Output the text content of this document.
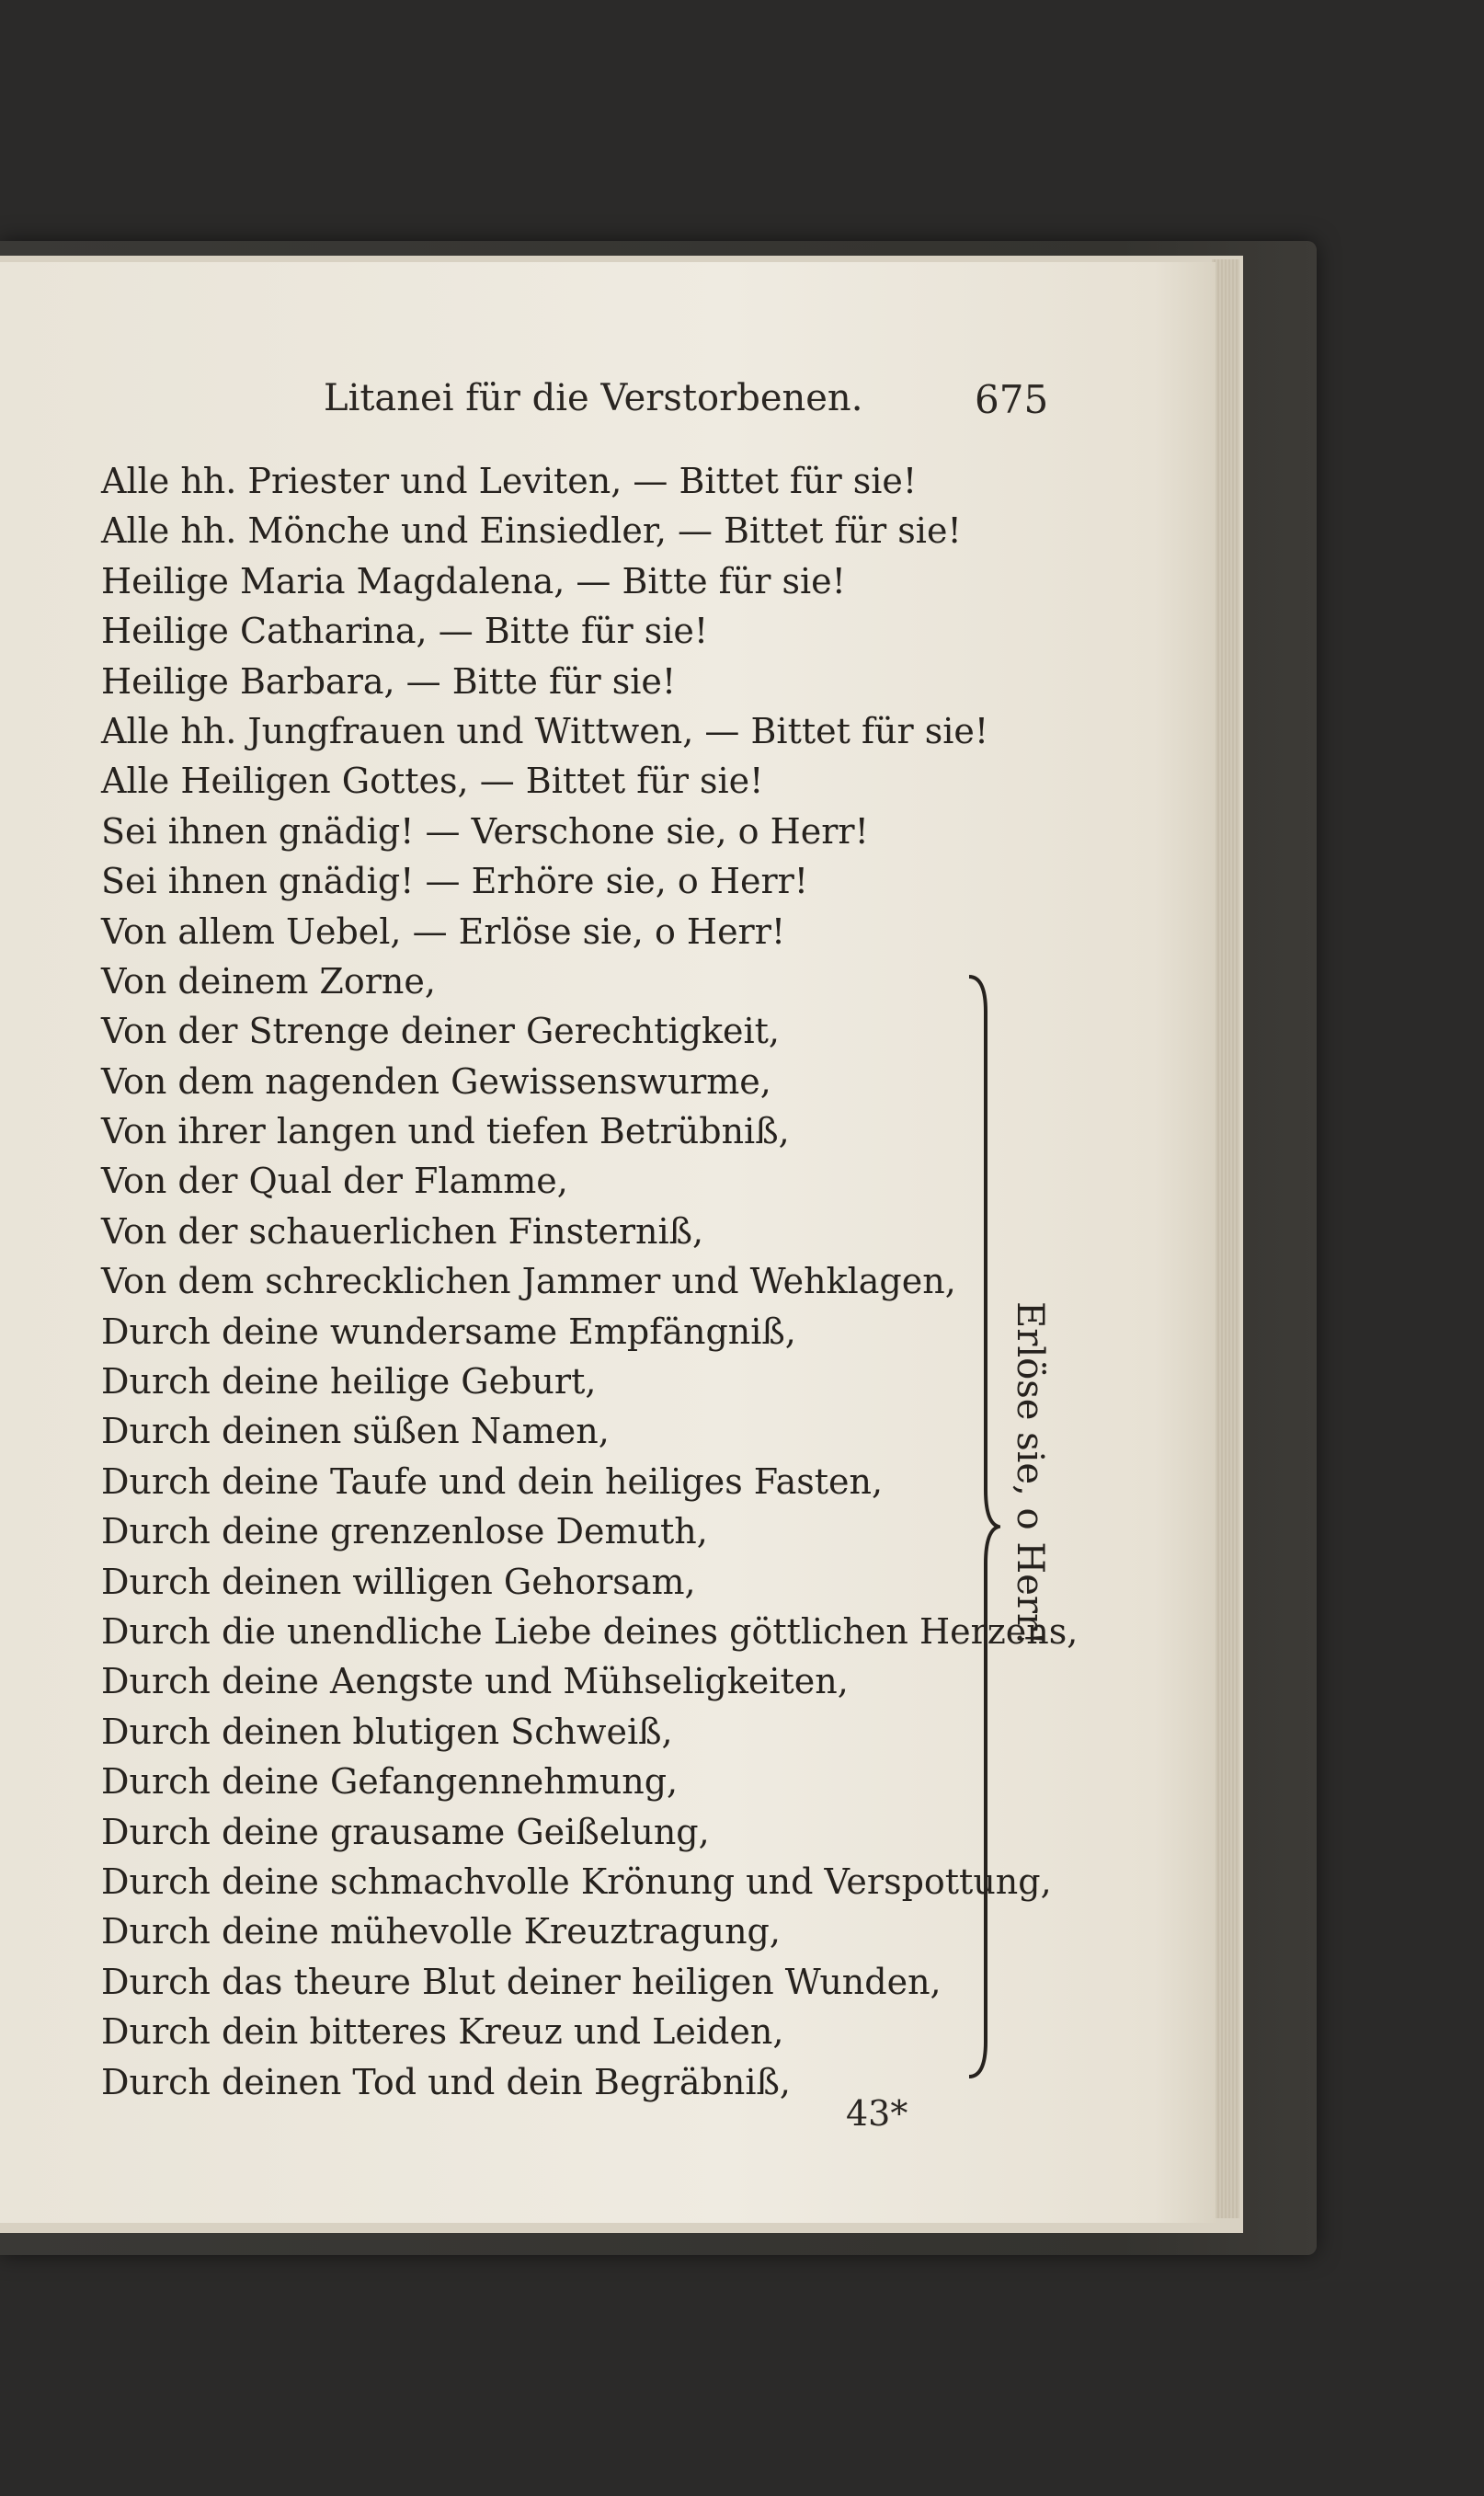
Litanei für die Verstorbenen.	675
Alle hh. Priester und Leviten, — Bittet für sie!
Alle hh. Mönche und Einsiedler, — Bittet für sie!
Heilige Maria Magdalena, — Bitte für sie!
Heilige Catharina, — Bitte für sie!
Heilige Barbara, — Bitte für sie!
Alle hh. Jungfrauen und Wittwen, — Bittet für sie!
Alle Heiligen Gottes, — Bittet für sie!
Sei ihnen gnädig! — Verschone sie, o Herr!
Sei ihnen gnädig! — Erhöre sie, o Herr!
Von allem Uebel, — Erlöse sie, o Herr!
Von deinem Zorne,
Von der Strenge deiner Gerechtigkeit,
Von dem nagenden Gewissenswurme,
Von ihrer langen und tiefen Betrübniß,
Von der Qual der Flamme,
Von der schauerlichen Finsterniß,
Von dem schrecklichen Jammer und Wehklagen,
Durch deine wundersame Empfängniß,
Durch deine heilige Geburt,
Durch deinen süßen Namen,
Durch deine Taufe und dein heiliges Fasten,
Durch deine grenzenlose Demuth,
Durch deinen willigen Gehorsam,
Durch die unendliche Liebe deines göttlichen Herzens,
Durch deine Aengste und Mühseligkeiten,
Durch deinen blutigen Schweiß,
Durch deine Gefangennehmung,
Durch deine grausame Geißelung,
Durch deine schmachvolle Krönung und Verspottung,
Durch deine mühevolle Kreuztragung,
Durch das theure Blut deiner heiligen Wunden,
Durch dein bitteres Kreuz und Leiden,
Durch deinen Tod und dein Begräbniß,
Erlöse sie, o Herr!
43*
